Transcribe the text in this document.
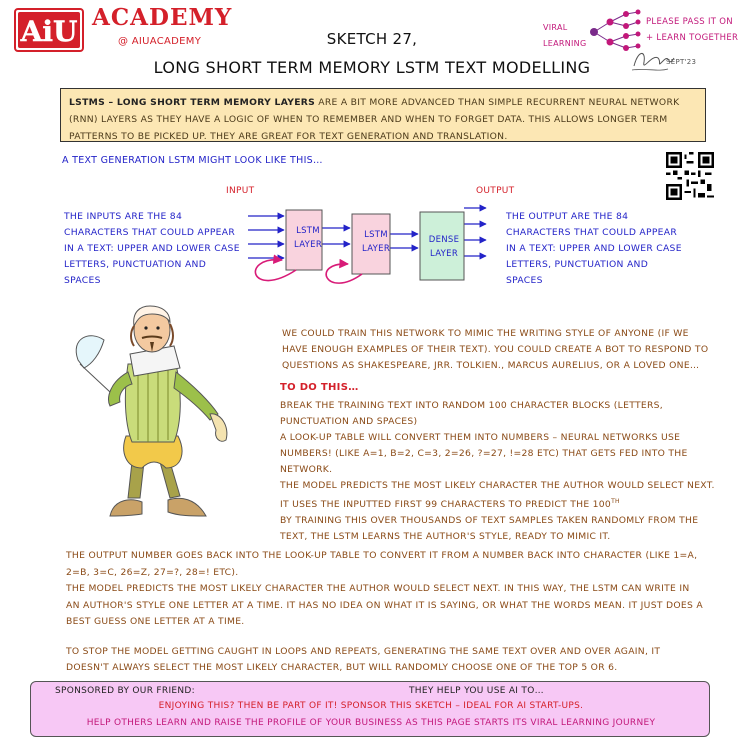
AiU ACADEMY
@ AIUACADEMY	SKETCH 27,
LONG SHORT TERM MEMORY LSTM TEXT MODELLING
VIRAL
LEARNING
PLEASE PASS IT ON
+ LEARN TOGETHER
SEPT'23
LSTMS – LONG SHORT TERM MEMORY LAYERS ARE A BIT MORE ADVANCED THAN SIMPLE RECURRENT NEURAL NETWORK (RNN) LAYERS AS THEY HAVE A LOGIC OF WHEN TO REMEMBER AND WHEN TO FORGET DATA. THIS ALLOWS LONGER TERM PATTERNS TO BE PICKED UP. THEY ARE GREAT FOR TEXT GENERATION AND TRANSLATION.
A TEXT GENERATION LSTM MIGHT LOOK LIKE THIS…
INPUT	OUTPUT
THE INPUTS ARE THE 84 CHARACTERS THAT COULD APPEAR IN A TEXT: UPPER AND LOWER CASE LETTERS, PUNCTUATION AND SPACES
THE OUTPUT ARE THE 84 CHARACTERS THAT COULD APPEAR IN A TEXT: UPPER AND LOWER CASE LETTERS, PUNCTUATION AND SPACES
LSTM LAYER
LSTM LAYER
DENSE LAYER
WE COULD TRAIN THIS NETWORK TO MIMIC THE WRITING STYLE OF ANYONE (IF WE HAVE ENOUGH EXAMPLES OF THEIR TEXT). YOU COULD CREATE A BOT TO RESPOND TO QUESTIONS AS SHAKESPEARE, JRR. TOLKIEN., MARCUS AURELIUS, OR A LOVED ONE…
TO DO THIS…
BREAK THE TRAINING TEXT INTO RANDOM 100 CHARACTER BLOCKS (LETTERS, PUNCTUATION AND SPACES)
A LOOK-UP TABLE WILL CONVERT THEM INTO NUMBERS – NEURAL NETWORKS USE NUMBERS! (LIKE A=1, B=2, C=3, 2=26, ?=27, !=28 ETC) THAT GETS FED INTO THE NETWORK.
THE MODEL PREDICTS THE MOST LIKELY CHARACTER THE AUTHOR WOULD SELECT NEXT.
IT USES THE INPUTTED FIRST 99 CHARACTERS TO PREDICT THE 100TH
BY TRAINING THIS OVER THOUSANDS OF TEXT SAMPLES TAKEN RANDOMLY FROM THE TEXT, THE LSTM LEARNS THE AUTHOR'S STYLE, READY TO MIMIC IT.

THE OUTPUT NUMBER GOES BACK INTO THE LOOK-UP TABLE TO CONVERT IT FROM A NUMBER BACK INTO CHARACTER (LIKE 1=A, 2=B, 3=C, 26=Z, 27=?, 28=! ETC).

THE MODEL PREDICTS THE MOST LIKELY CHARACTER THE AUTHOR WOULD SELECT NEXT. IN THIS WAY, THE LSTM CAN WRITE IN AN AUTHOR'S STYLE ONE LETTER AT A TIME. IT HAS NO IDEA ON WHAT IT IS SAYING, OR WHAT THE WORDS MEAN. IT JUST DOES A BEST GUESS ONE LETTER AT A TIME.

TO STOP THE MODEL GETTING CAUGHT IN LOOPS AND REPEATS, GENERATING THE SAME TEXT OVER AND OVER AGAIN, IT DOESN'T ALWAYS SELECT THE MOST LIKELY CHARACTER, BUT WILL RANDOMLY CHOOSE ONE OF THE TOP 5 OR 6.

SPONSORED BY OUR FRIEND:	THEY HELP YOU USE AI TO…
ENJOYING THIS? THEN BE PART OF IT! SPONSOR THIS SKETCH – IDEAL FOR AI START-UPS.
HELP OTHERS LEARN AND RAISE THE PROFILE OF YOUR BUSINESS AS THIS PAGE STARTS ITS VIRAL LEARNING JOURNEY
